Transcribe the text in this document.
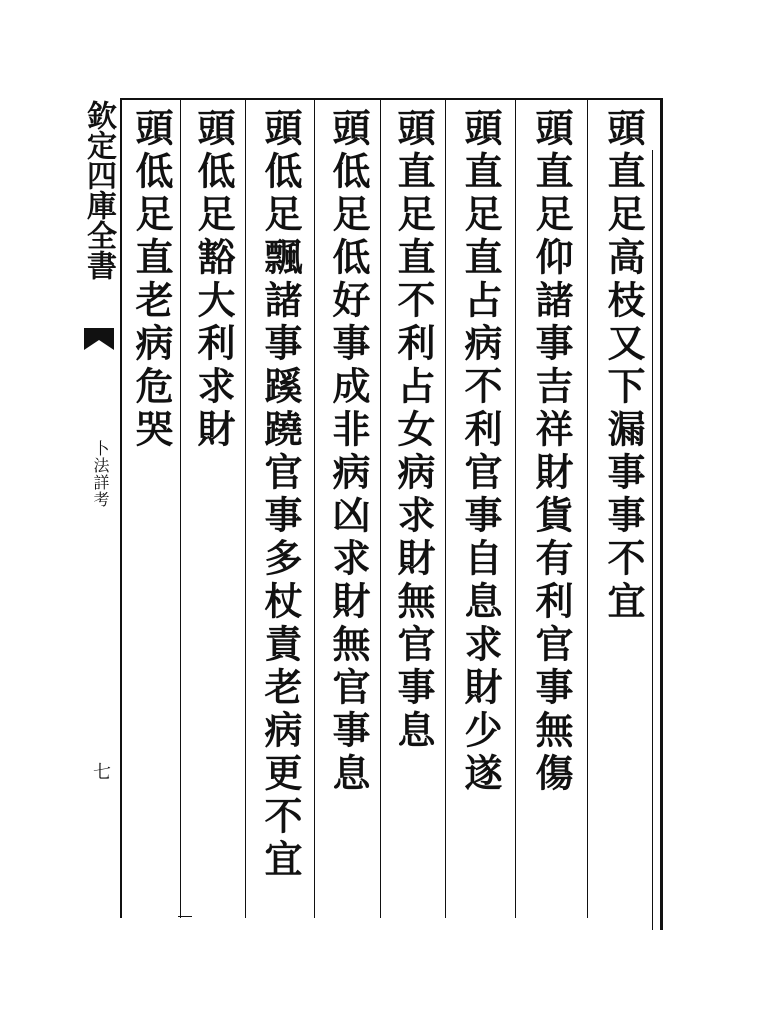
欽定四庫全書
卜法詳考
七
頭直足高枝又下漏事事不宜
頭直足仰諸事吉祥財貨有利官事無傷
頭直足直占病不利官事自息求財少遂
頭直足直不利占女病求財無官事息
頭低足低好事成非病凶求財無官事息
頭低足飄諸事蹊蹺官事多杖責老病更不宜
頭低足豁大利求財
頭低足直老病危哭
